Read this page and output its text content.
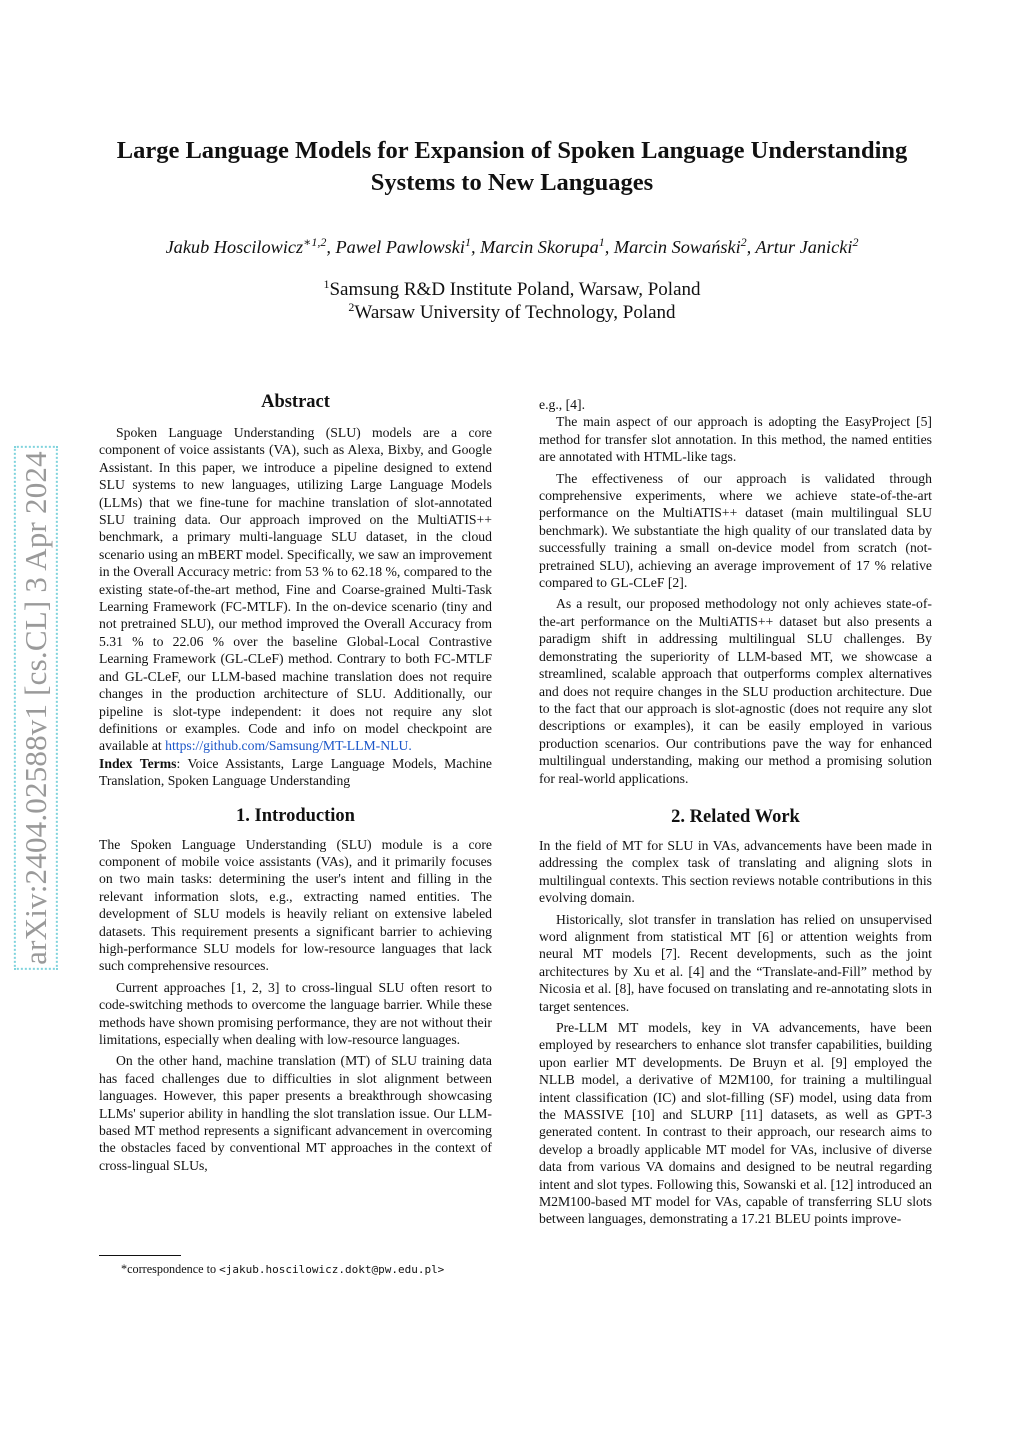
arXiv:2404.02588v1 [cs.CL] 3 Apr 2024
Large Language Models for Expansion of Spoken Language Understanding
Systems to New Languages
Jakub Hoscilowicz$^{∗1,2}$, Pawel Pawlowski$^1$, Marcin Skorupa$^1$, Marcin Sowański$^2$, Artur Janicki$^2$
$^1$Samsung R&D Institute Poland, Warsaw, Poland
$^2$Warsaw University of Technology, Poland
Abstract

Spoken Language Understanding (SLU) models are a core component of voice assistants (VA), such as Alexa, Bixby, and Google Assistant. In this paper, we introduce a pipeline designed to extend SLU systems to new languages, utilizing Large Language Models (LLMs) that we fine-tune for machine translation of slot-annotated SLU training data. Our approach improved on the MultiATIS++ benchmark, a primary multi-language SLU dataset, in the cloud scenario using an mBERT model. Specifically, we saw an improvement in the Overall Accuracy metric: from 53 % to 62.18 %, compared to the existing state-of-the-art method, Fine and Coarse-grained Multi-Task Learning Framework (FC-MTLF). In the on-device scenario (tiny and not pretrained SLU), our method improved the Overall Accuracy from 5.31 % to 22.06 % over the baseline Global-Local Contrastive Learning Framework (GL-CLeF) method. Contrary to both FC-MTLF and GL-CLeF, our LLM-based machine translation does not require changes in the production architecture of SLU. Additionally, our pipeline is slot-type independent: it does not require any slot definitions or examples. Code and info on model checkpoint are available at https://github.com/Samsung/MT-LLM-NLU.

Index Terms: Voice Assistants, Large Language Models, Machine Translation, Spoken Language Understanding

1. Introduction

The Spoken Language Understanding (SLU) module is a core component of mobile voice assistants (VAs), and it primarily focuses on two main tasks: determining the user's intent and filling in the relevant information slots, e.g., extracting named entities. The development of SLU models is heavily reliant on extensive labeled datasets. This requirement presents a significant barrier to achieving high-performance SLU models for low-resource languages that lack such comprehensive resources.

Current approaches [1, 2, 3] to cross-lingual SLU often resort to code-switching methods to overcome the language barrier. While these methods have shown promising performance, they are not without their limitations, especially when dealing with low-resource languages.

On the other hand, machine translation (MT) of SLU training data has faced challenges due to difficulties in slot alignment between languages. However, this paper presents a breakthrough showcasing LLMs' superior ability in handling the slot translation issue. Our LLM-based MT method represents a significant advancement in overcoming the obstacles faced by conventional MT approaches in the context of cross-lingual SLUs,

*correspondence to <jakub.hoscilowicz.dokt@pw.edu.pl>

e.g., [4].

The main aspect of our approach is adopting the EasyProject [5] method for transfer slot annotation. In this method, the named entities are annotated with HTML-like tags.

The effectiveness of our approach is validated through comprehensive experiments, where we achieve state-of-the-art performance on the MultiATIS++ dataset (main multilingual SLU benchmark). We substantiate the high quality of our translated data by successfully training a small on-device model from scratch (not-pretrained SLU), achieving an average improvement of 17 % relative compared to GL-CLeF [2].

As a result, our proposed methodology not only achieves state-of-the-art performance on the MultiATIS++ dataset but also presents a paradigm shift in addressing multilingual SLU challenges. By demonstrating the superiority of LLM-based MT, we showcase a streamlined, scalable approach that outperforms complex alternatives and does not require changes in the SLU production architecture. Due to the fact that our approach is slot-agnostic (does not require any slot descriptions or examples), it can be easily employed in various production scenarios. Our contributions pave the way for enhanced multilingual understanding, making our method a promising solution for real-world applications.

2. Related Work

In the field of MT for SLU in VAs, advancements have been made in addressing the complex task of translating and aligning slots in multilingual contexts. This section reviews notable contributions in this evolving domain.

Historically, slot transfer in translation has relied on unsupervised word alignment from statistical MT [6] or attention weights from neural MT models [7]. Recent developments, such as the joint architectures by Xu et al. [4] and the “Translate-and-Fill” method by Nicosia et al. [8], have focused on translating and re-annotating slots in target sentences.

Pre-LLM MT models, key in VA advancements, have been employed by researchers to enhance slot transfer capabilities, building upon earlier MT developments. De Bruyn et al. [9] employed the NLLB model, a derivative of M2M100, for training a multilingual intent classification (IC) and slot-filling (SF) model, using data from the MASSIVE [10] and SLURP [11] datasets, as well as GPT-3 generated content. In contrast to their approach, our research aims to develop a broadly applicable MT model for VAs, inclusive of diverse data from various VA domains and designed to be neutral regarding intent and slot types. Following this, Sowanski et al. [12] introduced an M2M100-based MT model for VAs, capable of transferring SLU slots between languages, demonstrating a 17.21 BLEU points improve-
